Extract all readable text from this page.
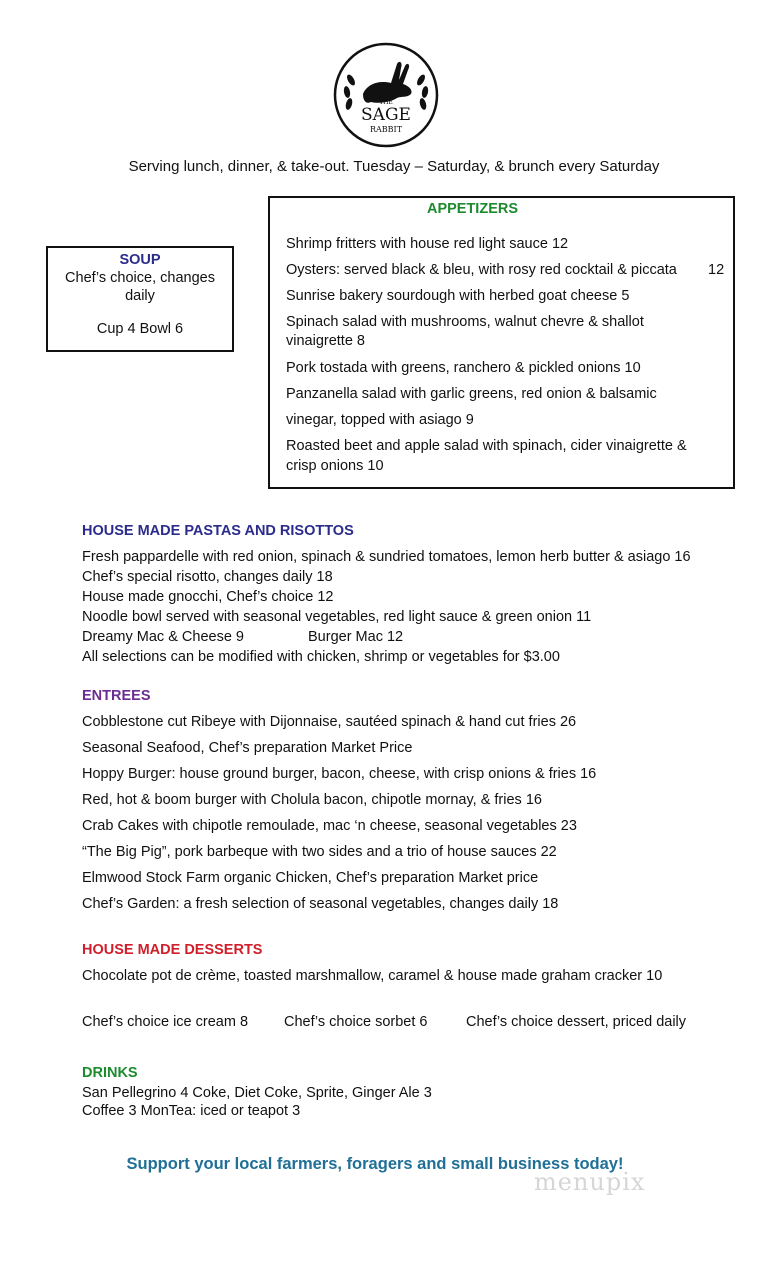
THE
SAGE
RABBIT
Serving lunch, dinner, & take-out. Tuesday – Saturday, & brunch every Saturday
SOUP
Chef’s choice, changes
daily
Cup 4 Bowl 6
APPETIZERS
Shrimp fritters with house red light sauce 12
Oysters: served black & bleu, with rosy red cocktail & piccata 12
Sunrise bakery sourdough with herbed goat cheese 5
Spinach salad with mushrooms, walnut chevre & shallot
vinaigrette 8
Pork tostada with greens, ranchero & pickled onions 10
Panzanella salad with garlic greens, red onion & balsamic
vinegar, topped with asiago 9
Roasted beet and apple salad with spinach, cider vinaigrette &
crisp onions 10
HOUSE MADE PASTAS AND RISOTTOS
Fresh pappardelle with red onion, spinach & sundried tomatoes, lemon herb butter & asiago 16
Chef’s special risotto, changes daily 18
House made gnocchi, Chef’s choice 12
Noodle bowl served with seasonal vegetables, red light sauce & green onion 11
Dreamy Mac & Cheese 9	Burger Mac 12
All selections can be modified with chicken, shrimp or vegetables for $3.00
ENTREES
Cobblestone cut Ribeye with Dijonnaise, sautéed spinach & hand cut fries 26
Seasonal Seafood, Chef’s preparation Market Price
Hoppy Burger: house ground burger, bacon, cheese, with crisp onions & fries 16
Red, hot & boom burger with Cholula bacon, chipotle mornay, & fries 16
Crab Cakes with chipotle remoulade, mac ‘n cheese, seasonal vegetables 23
“The Big Pig”, pork barbeque with two sides and a trio of house sauces 22
Elmwood Stock Farm organic Chicken, Chef’s preparation Market price
Chef’s Garden: a fresh selection of seasonal vegetables, changes daily 18
HOUSE MADE DESSERTS
Chocolate pot de crème, toasted marshmallow, caramel & house made graham cracker 10
Chef’s choice ice cream 8 Chef’s choice sorbet 6	Chef’s choice dessert, priced daily
DRINKS
San Pellegrino 4 Coke, Diet Coke, Sprite, Ginger Ale 3
Coffee 3 MonTea: iced or teapot 3
Support your local farmers, foragers and small business today!
menupix
